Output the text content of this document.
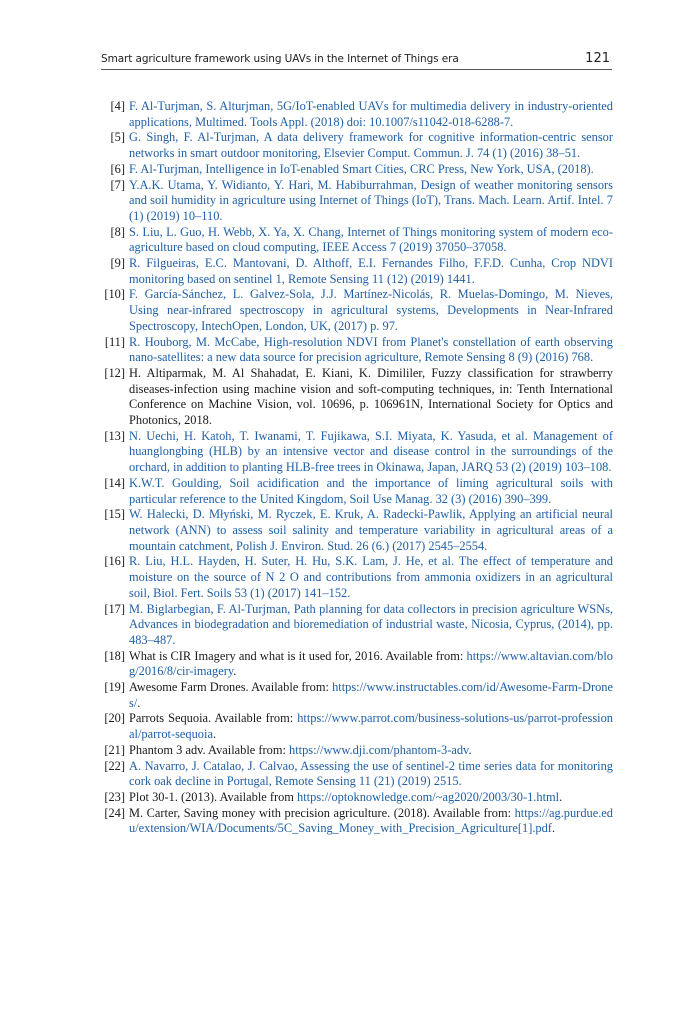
Smart agriculture framework using UAVs in the Internet of Things era	121

[4] F. Al-Turjman, S. Alturjman, 5G/IoT-enabled UAVs for multimedia delivery in industry-oriented applications, Multimed. Tools Appl. (2018) doi: 10.1007/s11042-018-6288-7.

[5] G. Singh, F. Al-Turjman, A data delivery framework for cognitive information-centric sensor networks in smart outdoor monitoring, Elsevier Comput. Commun. J. 74 (1) (2016) 38–51.

[6] F. Al-Turjman, Intelligence in IoT-enabled Smart Cities, CRC Press, New York, USA, (2018).

[7] Y.A.K. Utama, Y. Widianto, Y. Hari, M. Habiburrahman, Design of weather monitoring sensors and soil humidity in agriculture using Internet of Things (IoT), Trans. Mach. Learn. Artif. Intel. 7 (1) (2019) 10–110.

[8] S. Liu, L. Guo, H. Webb, X. Ya, X. Chang, Internet of Things monitoring system of modern eco-agriculture based on cloud computing, IEEE Access 7 (2019) 37050–37058.

[9] R. Filgueiras, E.C. Mantovani, D. Althoff, E.I. Fernandes Filho, F.F.D. Cunha, Crop NDVI monitoring based on sentinel 1, Remote Sensing 11 (12) (2019) 1441.

[10] F. García-Sánchez, L. Galvez-Sola, J.J. Martínez-Nicolás, R. Muelas-Domingo, M. Nieves, Using near-infrared spectroscopy in agricultural systems, Developments in Near-Infrared Spectroscopy, IntechOpen, London, UK, (2017) p. 97.

[11] R. Houborg, M. McCabe, High-resolution NDVI from Planet's constellation of earth observing nano-satellites: a new data source for precision agriculture, Remote Sensing 8 (9) (2016) 768.

[12] H. Altiparmak, M. Al Shahadat, E. Kiani, K. Dimililer, Fuzzy classification for strawberry diseases-infection using machine vision and soft-computing techniques, in: Tenth International Conference on Machine Vision, vol. 10696, p. 106961N, International Society for Optics and Photonics, 2018.

[13] N. Uechi, H. Katoh, T. Iwanami, T. Fujikawa, S.I. Miyata, K. Yasuda, et al. Management of huanglongbing (HLB) by an intensive vector and disease control in the surroundings of the orchard, in addition to planting HLB-free trees in Okinawa, Japan, JARQ 53 (2) (2019) 103–108.

[14] K.W.T. Goulding, Soil acidification and the importance of liming agricultural soils with particular reference to the United Kingdom, Soil Use Manag. 32 (3) (2016) 390–399.

[15] W. Halecki, D. Młyński, M. Ryczek, E. Kruk, A. Radecki-Pawlik, Applying an artificial neural network (ANN) to assess soil salinity and temperature variability in agricultural areas of a mountain catchment, Polish J. Environ. Stud. 26 (6.) (2017) 2545–2554.

[16] R. Liu, H.L. Hayden, H. Suter, H. Hu, S.K. Lam, J. He, et al. The effect of temperature and moisture on the source of N 2 O and contributions from ammonia oxidizers in an agricultural soil, Biol. Fert. Soils 53 (1) (2017) 141–152.

[17] M. Biglarbegian, F. Al-Turjman, Path planning for data collectors in precision agriculture WSNs, Advances in biodegradation and bioremediation of industrial waste, Nicosia, Cyprus, (2014), pp. 483–487.

[18] What is CIR Imagery and what is it used for, 2016. Available from: https://www.altavian.com/blog/2016/8/cir-imagery.

[19] Awesome Farm Drones. Available from: https://www.instructables.com/id/Awesome-Farm-Drones/.

[20] Parrots Sequoia. Available from: https://www.parrot.com/business-solutions-us/parrot-professional/parrot-sequoia.

[21] Phantom 3 adv. Available from: https://www.dji.com/phantom-3-adv.

[22] A. Navarro, J. Catalao, J. Calvao, Assessing the use of sentinel-2 time series data for monitoring cork oak decline in Portugal, Remote Sensing 11 (21) (2019) 2515.

[23] Plot 30-1. (2013). Available from https://optoknowledge.com/~ag2020/2003/30-1.html.

[24] M. Carter, Saving money with precision agriculture. (2018). Available from: https://ag.purdue.edu/extension/WIA/Documents/5C_Saving_Money_with_Precision_Agriculture[1].pdf.
